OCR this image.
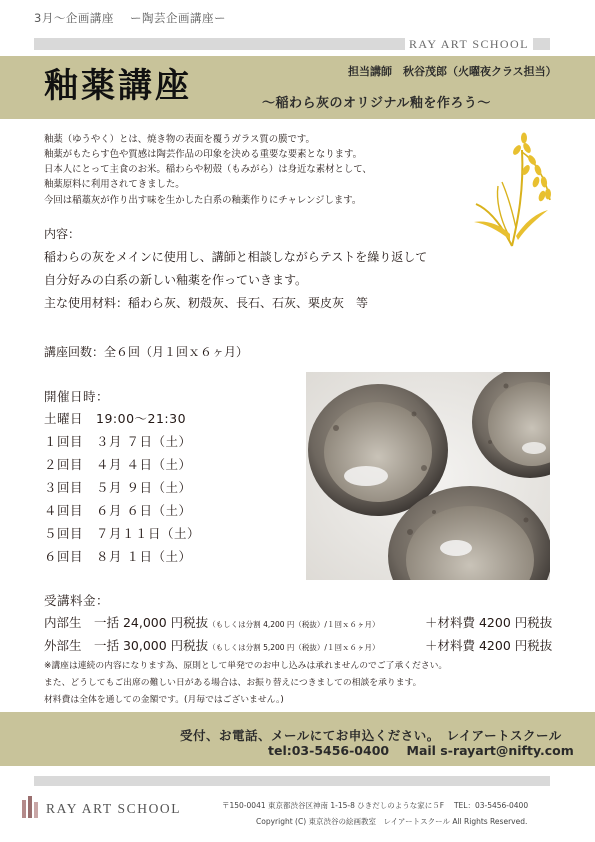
3月〜企画講座　 ー陶芸企画講座ー
RAY ART SCHOOL
釉薬講座	担当講師　秋谷茂郎（火曜夜クラス担当）
〜稲わら灰のオリジナル釉を作ろう〜
釉薬（ゆうやく）とは、焼き物の表面を覆うガラス質の膜です。
釉薬がもたらす色や質感は陶芸作品の印象を決める重要な要素となります。
日本人にとって主食のお米。稲わらや籾殻（もみがら）は身近な素材として、
釉薬原料に利用されてきました。
今回は稲藁灰が作り出す味を生かした白系の釉薬作りにチャレンジします。
内容：
稲わらの灰をメインに使用し、講師と相談しながらテストを繰り返して
自分好みの白系の新しい釉薬を作っていきます。
主な使用材料：稲わら灰、籾殻灰、長石、石灰、栗皮灰　等
講座回数：全６回（月１回ｘ６ヶ月）
開催日時：
土曜日　19:00〜21:30
１回目　３月 ７日（土）
２回目　４月 ４日（土）
３回目　５月 ９日（土）
４回目　６月 ６日（土）
５回目　７月１１日（土）
６回目　８月 １日（土）
受講料金：
内部生　一括 24,000 円税抜（もしくは分割 4,200 円（税抜）/１回ｘ６ヶ月）	＋材料費 4200 円税抜
外部生　一括 30,000 円税抜（もしくは分割 5,200 円（税抜）/１回ｘ６ヶ月）	＋材料費 4200 円税抜
※講座は連続の内容になります為、原則として単発でのお申し込みは承れませんのでご了承ください。
また、どうしてもご出席の難しい日がある場合は、お振り替えにつきましての相談を承ります。
材料費は全体を通しての金額です。(月毎ではございません。)
受付、お電話、メールにてお申込ください。　レイアートスクール
tel:03-5456-0400 Mail s-rayart@nifty.com
RAY ART SCHOOL	〒150-0041 東京都渋谷区神南 1-15-8 ひきだしのような家に５F　 TEL：03-5456-0400
Copyright (C) 東京渋谷の絵画教室　レイアートスクール All Rights Reserved.
